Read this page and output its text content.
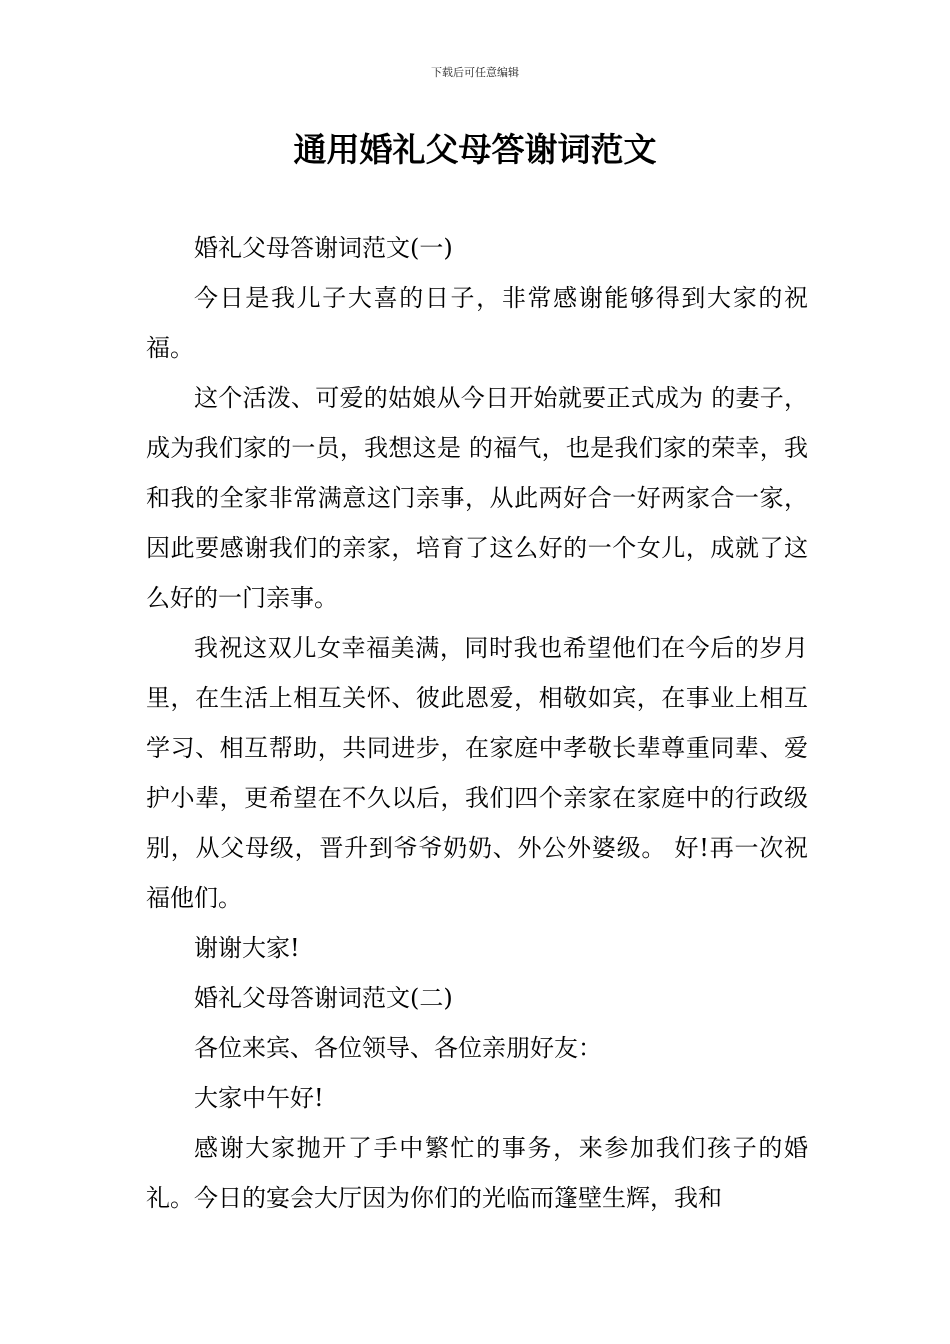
下载后可任意编辑
通用婚礼父母答谢词范文

婚礼父母答谢词范文(一)

今日是我儿子大喜的日子，非常感谢能够得到大家的祝福。

这个活泼、可爱的姑娘从今日开始就要正式成为 的妻子，成为我们家的一员，我想这是 的福气，也是我们家的荣幸，我和我的全家非常满意这门亲事，从此两好合一好两家合一家，因此要感谢我们的亲家，培育了这么好的一个女儿，成就了这么好的一门亲事。

我祝这双儿女幸福美满，同时我也希望他们在今后的岁月里，在生活上相互关怀、彼此恩爱，相敬如宾，在事业上相互学习、相互帮助，共同进步，在家庭中孝敬长辈尊重同辈、爱护小辈，更希望在不久以后，我们四个亲家在家庭中的行政级别，从父母级，晋升到爷爷奶奶、外公外婆级。 好!再一次祝福他们。

谢谢大家!

婚礼父母答谢词范文(二)

各位来宾、各位领导、各位亲朋好友：

大家中午好!

感谢大家抛开了手中繁忙的事务，来参加我们孩子的婚礼。今日的宴会大厅因为你们的光临而篷壁生辉，我和
